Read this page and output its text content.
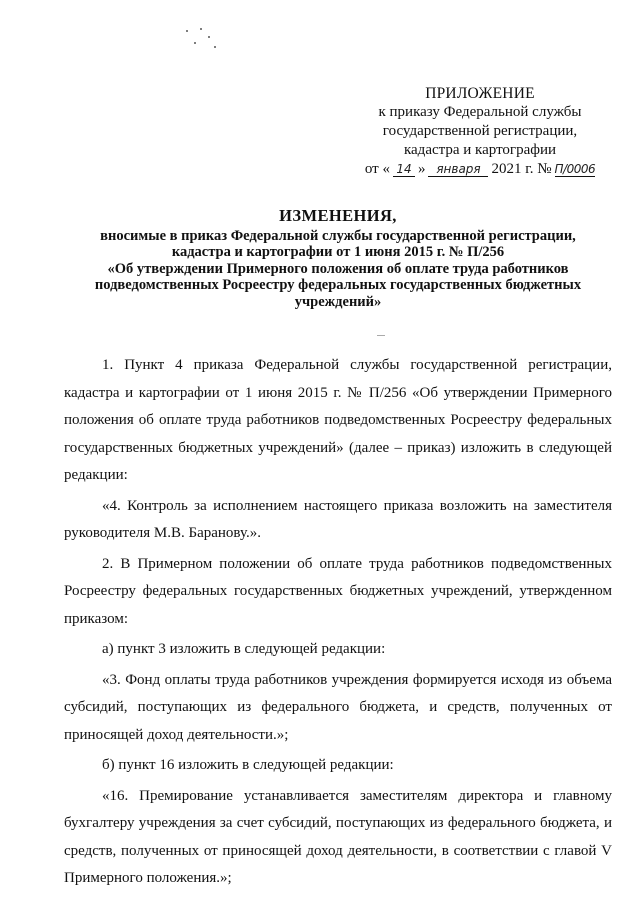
ПРИЛОЖЕНИЕ
к приказу Федеральной службы
государственной регистрации,
кадастра и картографии
от « 14 » января 2021 г. № П/0006
ИЗМЕНЕНИЯ,
вносимые в приказ Федеральной службы государственной регистрации,
кадастра и картографии от 1 июня 2015 г. № П/256
«Об утверждении Примерного положения об оплате труда работников
подведомственных Росреестру федеральных государственных бюджетных
учреждений»

1. Пункт 4 приказа Федеральной службы государственной регистрации, кадастра и картографии от 1 июня 2015 г. № П/256 «Об утверждении Примерного положения об оплате труда работников подведомственных Росреестру федеральных государственных бюджетных учреждений» (далее – приказ) изложить в следующей редакции:

«4. Контроль за исполнением настоящего приказа возложить на заместителя руководителя М.В. Баранову.».

2. В Примерном положении об оплате труда работников подведомственных Росреестру федеральных государственных бюджетных учреждений, утвержденном приказом:

а) пункт 3 изложить в следующей редакции:

«3. Фонд оплаты труда работников учреждения формируется исходя из объема субсидий, поступающих из федерального бюджета, и средств, полученных от приносящей доход деятельности.»;

б) пункт 16 изложить в следующей редакции:

«16. Премирование устанавливается заместителям директора и главному бухгалтеру учреждения за счет субсидий, поступающих из федерального бюджета, и средств, полученных от приносящей доход деятельности, в соответствии с главой V Примерного положения.»;
